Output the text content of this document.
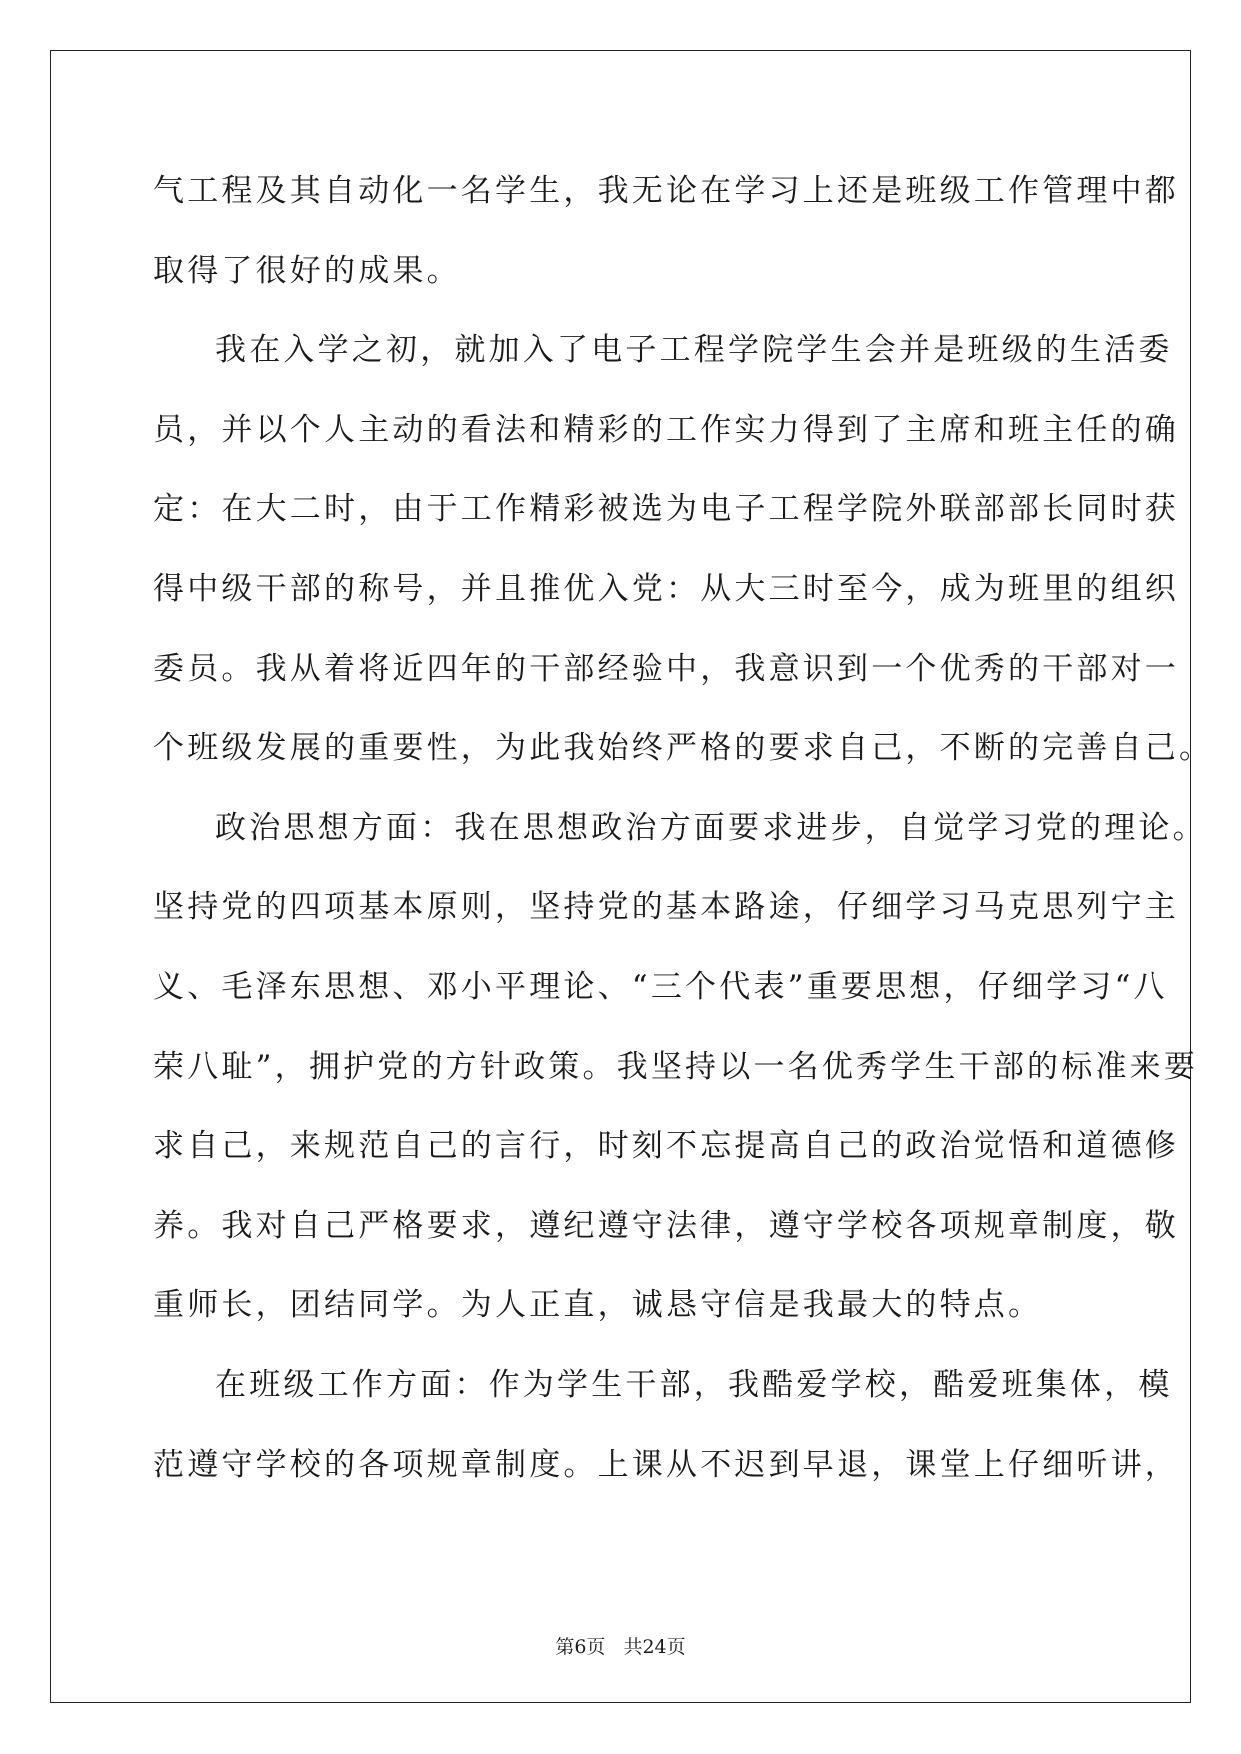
气工程及其自动化一名学生，我无论在学习上还是班级工作管理中都
取得了很好的成果。
我在入学之初，就加入了电子工程学院学生会并是班级的生活委
员，并以个人主动的看法和精彩的工作实力得到了主席和班主任的确
定：在大二时，由于工作精彩被选为电子工程学院外联部部长同时获
得中级干部的称号，并且推优入党：从大三时至今，成为班里的组织
委员。我从着将近四年的干部经验中，我意识到一个优秀的干部对一
个班级发展的重要性，为此我始终严格的要求自己，不断的完善自己。
政治思想方面：我在思想政治方面要求进步，自觉学习党的理论。
坚持党的四项基本原则，坚持党的基本路途，仔细学习马克思列宁主
义、毛泽东思想、邓小平理论、“三个代表”重要思想，仔细学习“八
荣八耻”，拥护党的方针政策。我坚持以一名优秀学生干部的标准来要
求自己，来规范自己的言行，时刻不忘提高自己的政治觉悟和道德修
养。我对自己严格要求，遵纪遵守法律，遵守学校各项规章制度，敬
重师长，团结同学。为人正直，诚恳守信是我最大的特点。
在班级工作方面：作为学生干部，我酷爱学校，酷爱班集体，模
范遵守学校的各项规章制度。上课从不迟到早退，课堂上仔细听讲，
第6页 共24页
